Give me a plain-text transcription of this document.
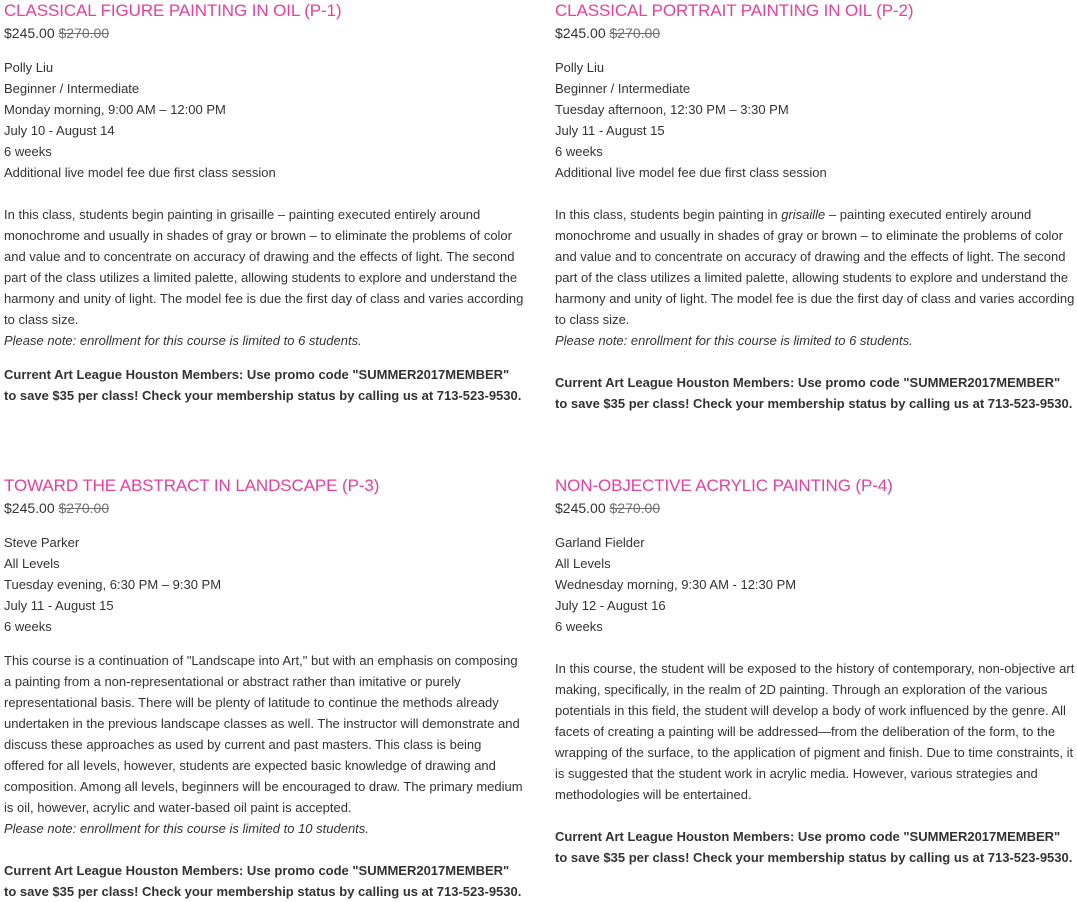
CLASSICAL FIGURE PAINTING IN OIL (P-1)
$245.00 $270.00
Polly Liu
Beginner / Intermediate
Monday morning, 9:00 AM – 12:00 PM
July 10 - August 14
6 weeks
Additional live model fee due first class session
In this class, students begin painting in grisaille – painting executed entirely around monochrome and usually in shades of gray or brown – to eliminate the problems of color and value and to concentrate on accuracy of drawing and the effects of light. The second part of the class utilizes a limited palette, allowing students to explore and understand the harmony and unity of light. The model fee is due the first day of class and varies according to class size.
Please note: enrollment for this course is limited to 6 students.
Current Art League Houston Members: Use promo code "SUMMER2017MEMBER" to save $35 per class! Check your membership status by calling us at 713-523-9530.
CLASSICAL PORTRAIT PAINTING IN OIL (P-2)
$245.00 $270.00
Polly Liu
Beginner / Intermediate
Tuesday afternoon, 12:30 PM – 3:30 PM
July 11 - August 15
6 weeks
Additional live model fee due first class session
In this class, students begin painting in grisaille – painting executed entirely around monochrome and usually in shades of gray or brown – to eliminate the problems of color and value and to concentrate on accuracy of drawing and the effects of light. The second part of the class utilizes a limited palette, allowing students to explore and understand the harmony and unity of light. The model fee is due the first day of class and varies according to class size.
Please note: enrollment for this course is limited to 6 students.
Current Art League Houston Members: Use promo code "SUMMER2017MEMBER" to save $35 per class! Check your membership status by calling us at 713-523-9530.
TOWARD THE ABSTRACT IN LANDSCAPE (P-3)
$245.00 $270.00
Steve Parker
All Levels
Tuesday evening, 6:30 PM – 9:30 PM
July 11 - August 15
6 weeks
This course is a continuation of "Landscape into Art," but with an emphasis on composing a painting from a non-representational or abstract rather than imitative or purely representational basis. There will be plenty of latitude to continue the methods already undertaken in the previous landscape classes as well. The instructor will demonstrate and discuss these approaches as used by current and past masters. This class is being offered for all levels, however, students are expected basic knowledge of drawing and composition. Among all levels, beginners will be encouraged to draw. The primary medium is oil, however, acrylic and water-based oil paint is accepted.
Please note: enrollment for this course is limited to 10 students.
Current Art League Houston Members: Use promo code "SUMMER2017MEMBER" to save $35 per class! Check your membership status by calling us at 713-523-9530.
NON-OBJECTIVE ACRYLIC PAINTING (P-4)
$245.00 $270.00
Garland Fielder
All Levels
Wednesday morning, 9:30 AM - 12:30 PM
July 12 - August 16
6 weeks
In this course, the student will be exposed to the history of contemporary, non-objective art making, specifically, in the realm of 2D painting. Through an exploration of the various potentials in this field, the student will develop a body of work influenced by the genre. All facets of creating a painting will be addressed—from the deliberation of the form, to the wrapping of the surface, to the application of pigment and finish. Due to time constraints, it is suggested that the student work in acrylic media. However, various strategies and methodologies will be entertained.
Current Art League Houston Members: Use promo code "SUMMER2017MEMBER" to save $35 per class! Check your membership status by calling us at 713-523-9530.
